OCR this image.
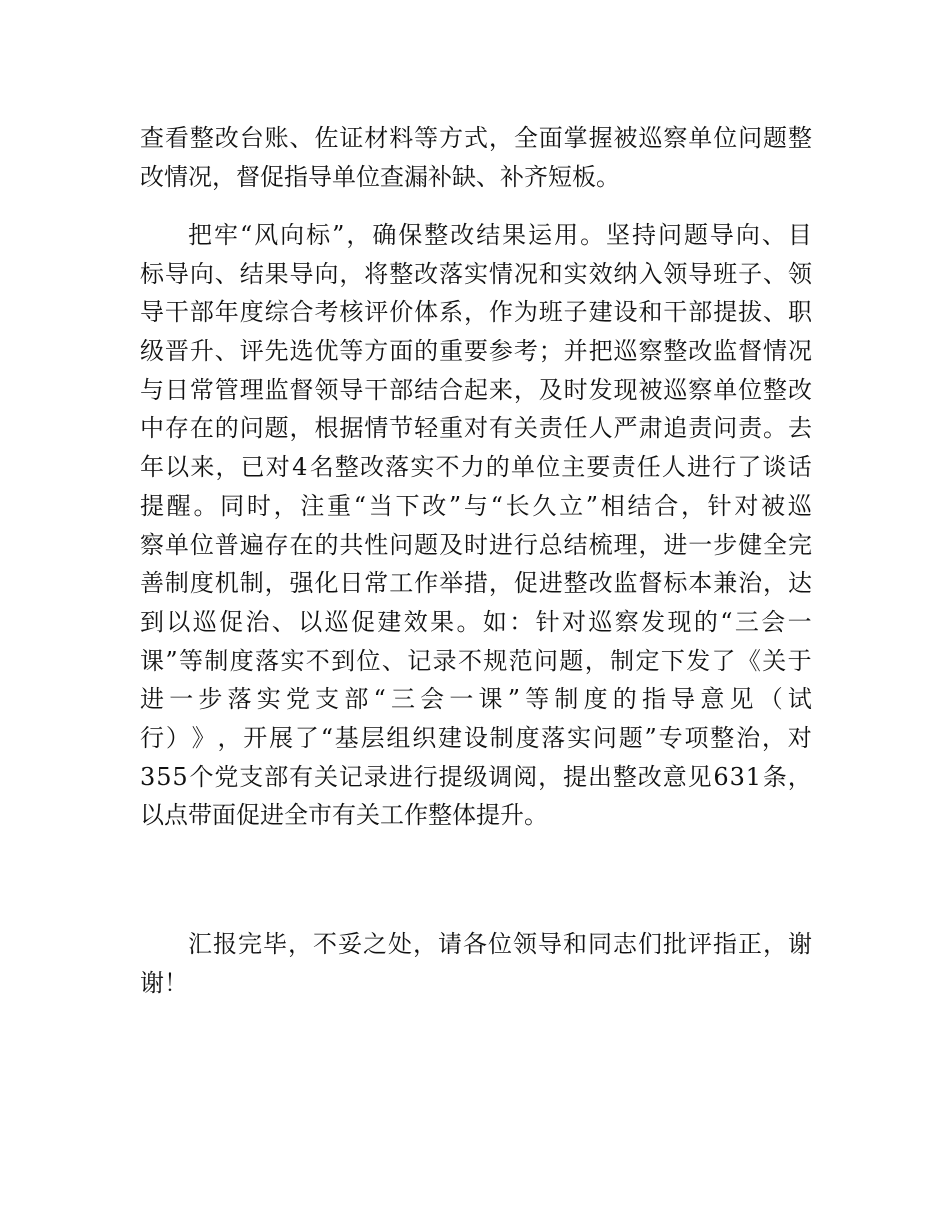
查 看 整 改 台 账 、 佐 证 材 料 等 方 式 ， 全 面 掌 握 被 巡 察 单 位 问 题 整
改情况，督促指导单位查漏补缺、补齐短板。
把 牢 “ 风 向 标 ” ， 确 保 整 改 结 果 运 用 。 坚 持 问 题 导 向 、 目
标 导 向 、 结 果 导 向 ， 将 整 改 落 实 情 况 和 实 效 纳 入 领 导 班 子 、 领
导 干 部 年 度 综 合 考 核 评 价 体 系 ， 作 为 班 子 建 设 和 干 部 提 拔 、 职
级 晋 升 、 评 先 选 优 等 方 面 的 重 要 参 考 ； 并 把 巡 察 整 改 监 督 情 况
与 日 常 管 理 监 督 领 导 干 部 结 合 起 来 ， 及 时 发 现 被 巡 察 单 位 整 改
中 存 在 的 问 题 ， 根 据 情 节 轻 重 对 有 关 责 任 人 严 肃 追 责 问 责 。 去
年 以 来 ， 已 对 4 名 整 改 落 实 不 力 的 单 位 主 要 责 任 人 进 行 了 谈 话
提 醒 。 同 时 ， 注 重 “ 当 下 改 ” 与 “ 长 久 立 ” 相 结 合 ， 针 对 被 巡
察 单 位 普 遍 存 在 的 共 性 问 题 及 时 进 行 总 结 梳 理 ， 进 一 步 健 全 完
善 制 度 机 制 ， 强 化 日 常 工 作 举 措 ， 促 进 整 改 监 督 标 本 兼 治 ， 达
到 以 巡 促 治 、 以 巡 促 建 效 果 。 如 ： 针 对 巡 察 发 现 的 “ 三 会 一
课 ” 等 制 度 落 实 不 到 位 、 记 录 不 规 范 问 题 ， 制 定 下 发 了 《 关 于
进 一 步 落 实 党 支 部 “ 三 会 一 课 ” 等 制 度 的 指 导 意 见 （ 试
行 ） 》 ， 开 展 了 “ 基 层 组 织 建 设 制 度 落 实 问 题 ” 专 项 整 治 ， 对
3 5 5 个 党 支 部 有 关 记 录 进 行 提 级 调 阅 ， 提 出 整 改 意 见 6 3 1 条 ，
以点带面促进全市有关工作整体提升。
汇 报 完 毕 ， 不 妥 之 处 ， 请 各 位 领 导 和 同 志 们 批 评 指 正 ， 谢
谢！
